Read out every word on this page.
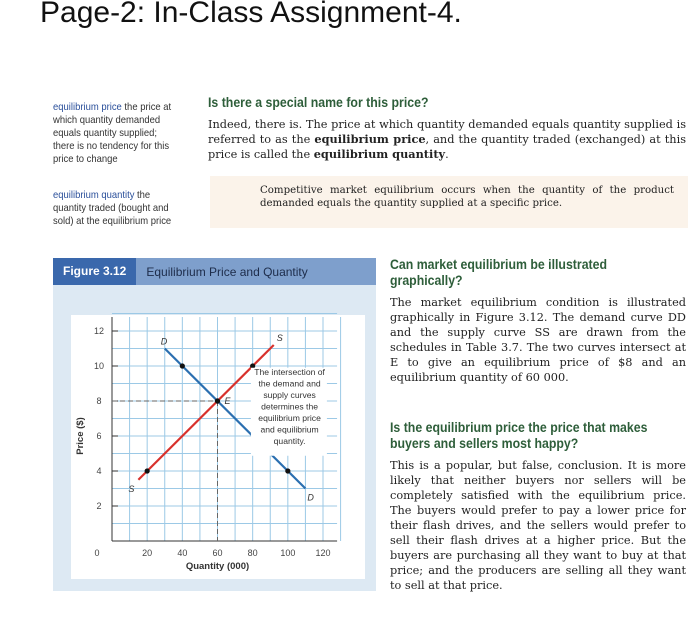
Page-2: In-Class Assignment-4.
equilibrium price the price at which quantity demanded equals quantity supplied; there is no tendency for this price to change
equilibrium quantity the quantity traded (bought and sold) at the equilibrium price
Is there a special name for this price?
Indeed, there is. The price at which quantity demanded equals quantity supplied is referred to as the equilibrium price, and the quantity traded (exchanged) at this price is called the equilibrium quantity.
Competitive market equilibrium occurs when the quantity of the product demanded equals the quantity supplied at a specific price.
Figure 3.12	Equilibrium Price and Quantity
0	20	40	60	80	100 120
2
4
6
8
10
12
Quantity (000)
Price ($)
D
D
S
S
E
The intersection of
the demand and
supply curves
determines the
equilibrium price
and equilibrium
quantity.
Can market equilibrium be illustrated graphically?
The market equilibrium condition is illustrated graphically in Figure 3.12. The demand curve DD and the supply curve SS are drawn from the schedules in Table 3.7. The two curves intersect at E to give an equilibrium price of $8 and an equilibrium quantity of 60 000.
Is the equilibrium price the price that makes buyers and sellers most happy?
This is a popular, but false, conclusion. It is more likely that neither buyers nor sellers will be completely satisfied with the equilibrium price. The buyers would prefer to pay a lower price for their flash drives, and the sellers would prefer to sell their flash drives at a higher price. But the buyers are purchasing all they want to buy at that price; and the producers are selling all they want to sell at that price.
